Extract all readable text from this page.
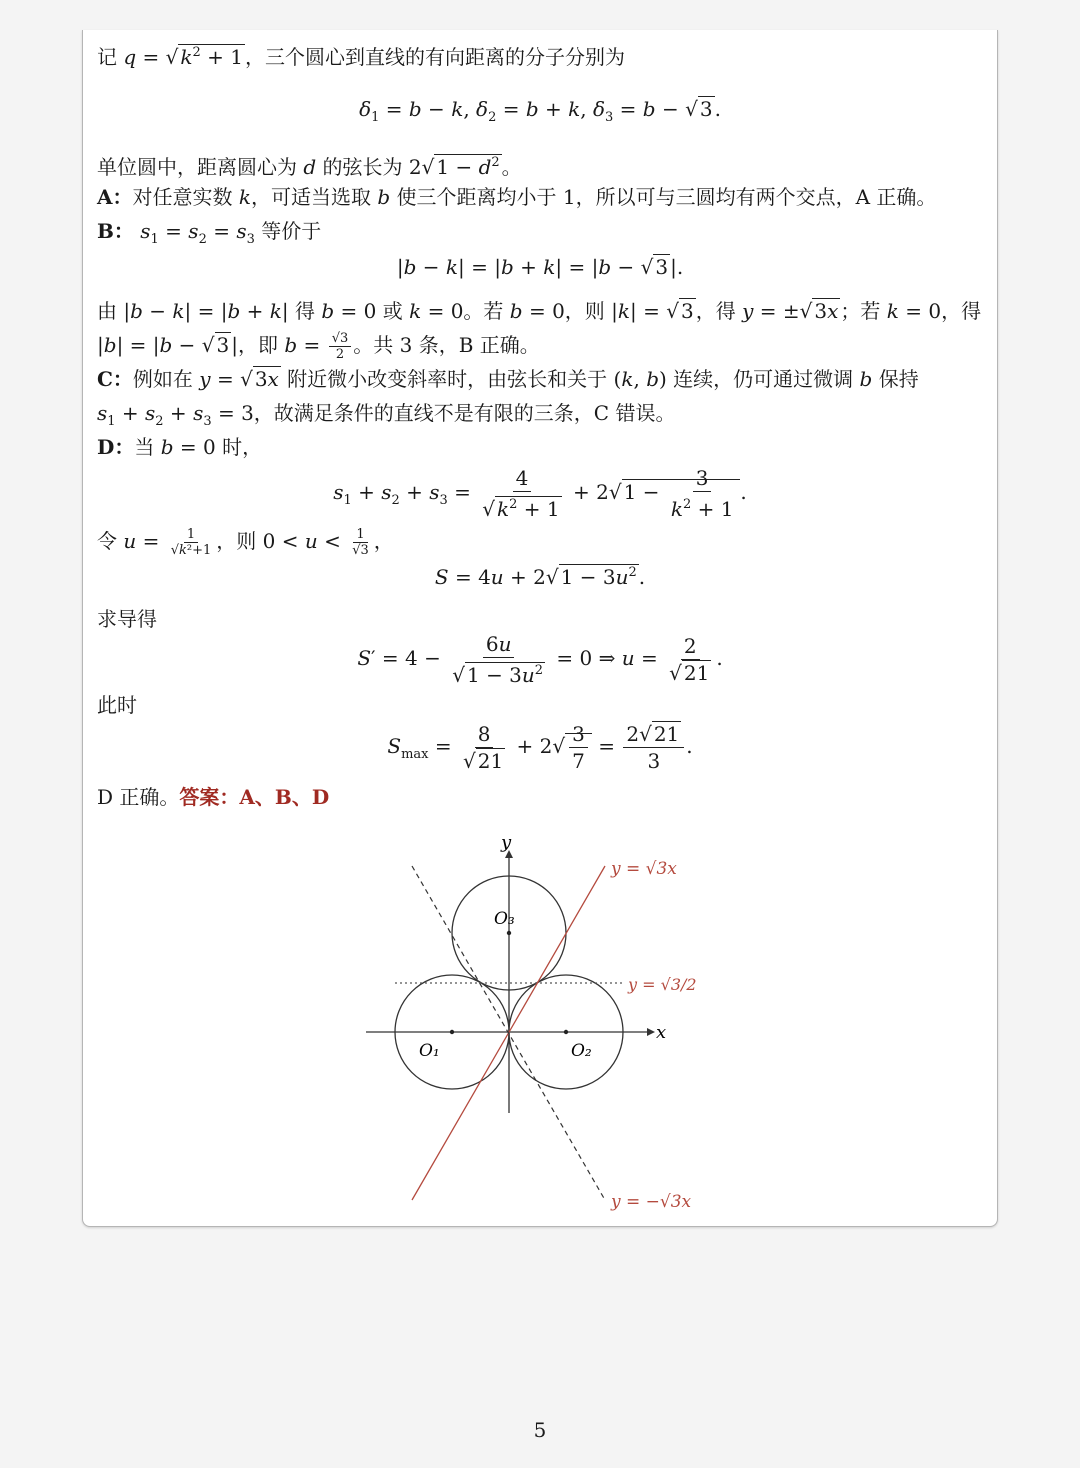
记 q = √ $k^2 + 1$ ，三个圆心到直线的有向距离的分子分别为
$\delta_1 = b - k$, $\delta_2 = b + k$, $\delta_3 = b$ − √ 3 .
单位圆中，距离圆心为 d 的弦长为 2√ $1 - d^2$ 。
A：对任意实数 k，可适当选取 b 使三个距离均小于 1，所以可与三圆均有两个交点，A 正确。
B： $s_1 = s_2 = s_3$ 等价于
|b − k| = |b + k| = |b − √ 3 |.
由 |b − k| = |b + k| 得 b = 0 或 k = 0。若 b = 0，则 |k| = √ 3 ，得 y = ±√ 3x ；若 k = 0，得
|b| = |b − √ 3 |，即 $b = \frac{√3}{2}$ 。共 3 条，B 正确。
C：例如在 y = √ 3x 附近微小改变斜率时，由弦长和关于 (k, b) 连续，仍可通过微调 b 保持
$s_1 + s_2 + s_3 = 3$，故满足条件的直线不是有限的三条，C 错误。
D：当 b = 0 时，
$s_1 + s_2 + s_3 = \frac{4}{√ k^2 + 1} + 2√$ $1 - \frac{3}{k^2 + 1}$ .
令 $u = \frac{1}{\text{√k²+1}}$ ，则 $0 < u < \frac{1}{√3}$ ，
S = 4u + 2√ $1 - 3u^2$ .
求导得
$S' = 4 - \frac{6u}{√ 1 - 3u^2} = 0$ ⇒ $u = \frac{2}{√ 21}$ .
此时
$S_{max} = \frac{8}{√ 21} + 2√ \frac{3}{7} = \frac{2√ 21}{3}$ .
D 正确。答案：A、B、D
x
y
O₁	O₂
O₃
y = √3/2
y = √3x
y = −√3x
5
